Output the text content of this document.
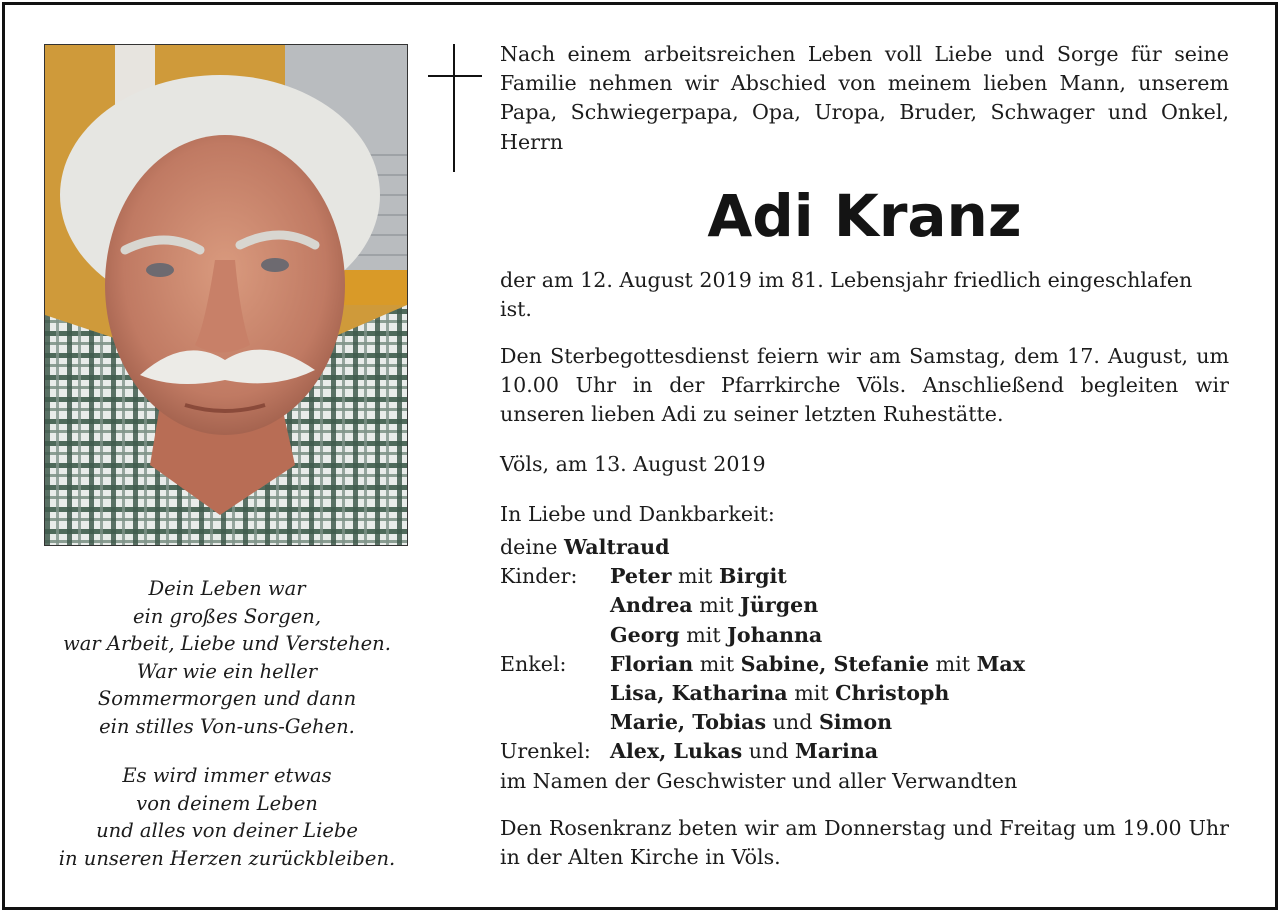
Dein Leben war
ein großes Sorgen,
war Arbeit, Liebe und Verstehen.
War wie ein heller
Sommermorgen und dann
ein stilles Von-uns-Gehen.
Es wird immer etwas
von deinem Leben
und alles von deiner Liebe
in unseren Herzen zurückbleiben.
Nach einem arbeitsreichen Leben voll Liebe und Sorge für seine Familie nehmen wir Abschied von meinem lieben Mann, unserem Papa, Schwiegerpapa, Opa, Uropa, Bruder, Schwager und Onkel, Herrn
Adi Kranz
der am 12. August 2019 im 81. Lebensjahr friedlich eingeschlafen ist.
Den Sterbegottesdienst feiern wir am Samstag, dem 17. August, um 10.00 Uhr in der Pfarrkirche Völs. Anschließend begleiten wir unseren lieben Adi zu seiner letzten Ruhestätte.
Völs, am 13. August 2019
In Liebe und Dankbarkeit:
deine Waltraud
Kinder: Peter mit Birgit
Andrea mit Jürgen
Georg mit Johanna
Enkel: Florian mit Sabine, Stefanie mit Max
Lisa, Katharina mit Christoph
Marie, Tobias und Simon
Urenkel: Alex, Lukas und Marina
im Namen der Geschwister und aller Verwandten
Den Rosenkranz beten wir am Donnerstag und Freitag um 19.00 Uhr in der Alten Kirche in Völs.
